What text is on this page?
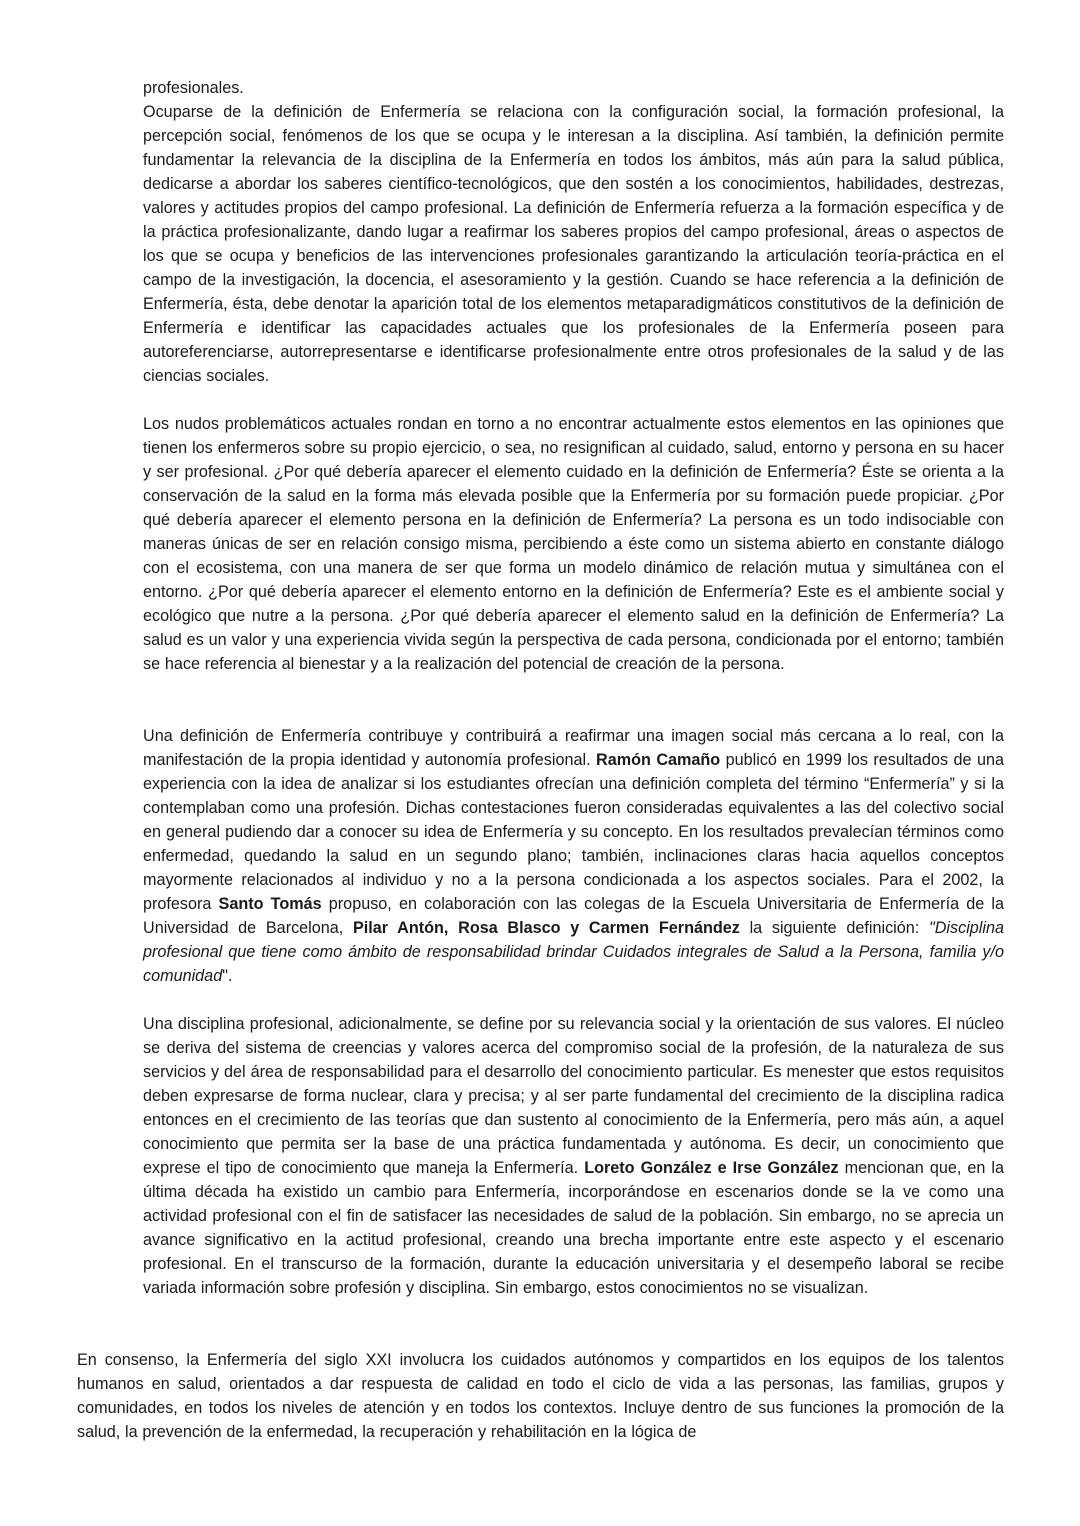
profesionales.

Ocuparse de la definición de Enfermería se relaciona con la configuración social, la formación profesional, la percepción social, fenómenos de los que se ocupa y le interesan a la disciplina. Así también, la definición permite fundamentar la relevancia de la disciplina de la Enfermería en todos los ámbitos, más aún para la salud pública, dedicarse a abordar los saberes científico-tecnológicos, que den sostén a los conocimientos, habilidades, destrezas, valores y actitudes propios del campo profesional. La definición de Enfermería refuerza a la formación específica y de la práctica profesionalizante, dando lugar a reafirmar los saberes propios del campo profesional, áreas o aspectos de los que se ocupa y beneficios de las intervenciones profesionales garantizando la articulación teoría-práctica en el campo de la investigación, la docencia, el asesoramiento y la gestión. Cuando se hace referencia a la definición de Enfermería, ésta, debe denotar la aparición total de los elementos metaparadigmáticos constitutivos de la definición de Enfermería e identificar las capacidades actuales que los profesionales de la Enfermería poseen para autoreferenciarse, autorrepresentarse e identificarse profesionalmente entre otros profesionales de la salud y de las ciencias sociales.

Los nudos problemáticos actuales rondan en torno a no encontrar actualmente estos elementos en las opiniones que tienen los enfermeros sobre su propio ejercicio, o sea, no resignifican al cuidado, salud, entorno y persona en su hacer y ser profesional. ¿Por qué debería aparecer el elemento cuidado en la definición de Enfermería? Éste se orienta a la conservación de la salud en la forma más elevada posible que la Enfermería por su formación puede propiciar. ¿Por qué debería aparecer el elemento persona en la definición de Enfermería? La persona es un todo indisociable con maneras únicas de ser en relación consigo misma, percibiendo a éste como un sistema abierto en constante diálogo con el ecosistema, con una manera de ser que forma un modelo dinámico de relación mutua y simultánea con el entorno. ¿Por qué debería aparecer el elemento entorno en la definición de Enfermería? Este es el ambiente social y ecológico que nutre a la persona. ¿Por qué debería aparecer el elemento salud en la definición de Enfermería? La salud es un valor y una experiencia vivida según la perspectiva de cada persona, condicionada por el entorno; también se hace referencia al bienestar y a la realización del potencial de creación de la persona.

Una definición de Enfermería contribuye y contribuirá a reafirmar una imagen social más cercana a lo real, con la manifestación de la propia identidad y autonomía profesional. Ramón Camaño publicó en 1999 los resultados de una experiencia con la idea de analizar si los estudiantes ofrecían una definición completa del término “Enfermería” y si la contemplaban como una profesión. Dichas contestaciones fueron consideradas equivalentes a las del colectivo social en general pudiendo dar a conocer su idea de Enfermería y su concepto. En los resultados prevalecían términos como enfermedad, quedando la salud en un segundo plano; también, inclinaciones claras hacia aquellos conceptos mayormente relacionados al individuo y no a la persona condicionada a los aspectos sociales. Para el 2002, la profesora Santo Tomás propuso, en colaboración con las colegas de la Escuela Universitaria de Enfermería de la Universidad de Barcelona, Pilar Antón, Rosa Blasco y Carmen Fernández la siguiente definición: "Disciplina profesional que tiene como ámbito de responsabilidad brindar Cuidados integrales de Salud a la Persona, familia y/o comunidad".

Una disciplina profesional, adicionalmente, se define por su relevancia social y la orientación de sus valores. El núcleo se deriva del sistema de creencias y valores acerca del compromiso social de la profesión, de la naturaleza de sus servicios y del área de responsabilidad para el desarrollo del conocimiento particular. Es menester que estos requisitos deben expresarse de forma nuclear, clara y precisa; y al ser parte fundamental del crecimiento de la disciplina radica entonces en el crecimiento de las teorías que dan sustento al conocimiento de la Enfermería, pero más aún, a aquel conocimiento que permita ser la base de una práctica fundamentada y autónoma. Es decir, un conocimiento que exprese el tipo de conocimiento que maneja la Enfermería. Loreto González e Irse González mencionan que, en la última década ha existido un cambio para Enfermería, incorporándose en escenarios donde se la ve como una actividad profesional con el fin de satisfacer las necesidades de salud de la población. Sin embargo, no se aprecia un avance significativo en la actitud profesional, creando una brecha importante entre este aspecto y el escenario profesional. En el transcurso de la formación, durante la educación universitaria y el desempeño laboral se recibe variada información sobre profesión y disciplina. Sin embargo, estos conocimientos no se visualizan.

En consenso, la Enfermería del siglo XXI involucra los cuidados autónomos y compartidos en los equipos de los talentos humanos en salud, orientados a dar respuesta de calidad en todo el ciclo de vida a las personas, las familias, grupos y comunidades, en todos los niveles de atención y en todos los contextos. Incluye dentro de sus funciones la promoción de la salud, la prevención de la enfermedad, la recuperación y rehabilitación en la lógica de
